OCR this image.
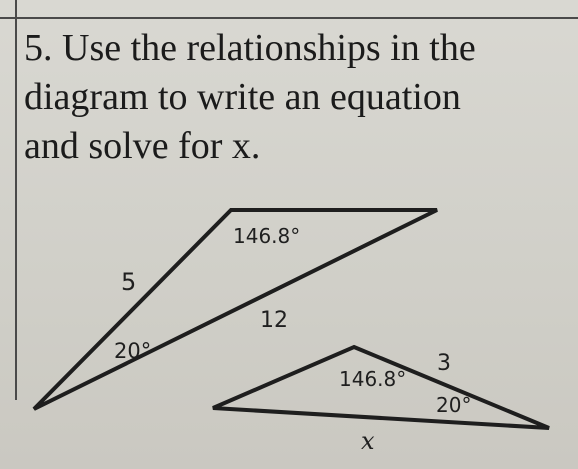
5. Use the relationships in the
diagram to write an equation
and solve for x.
146.8°
5
12
20°
146.8°
3
20°
x
